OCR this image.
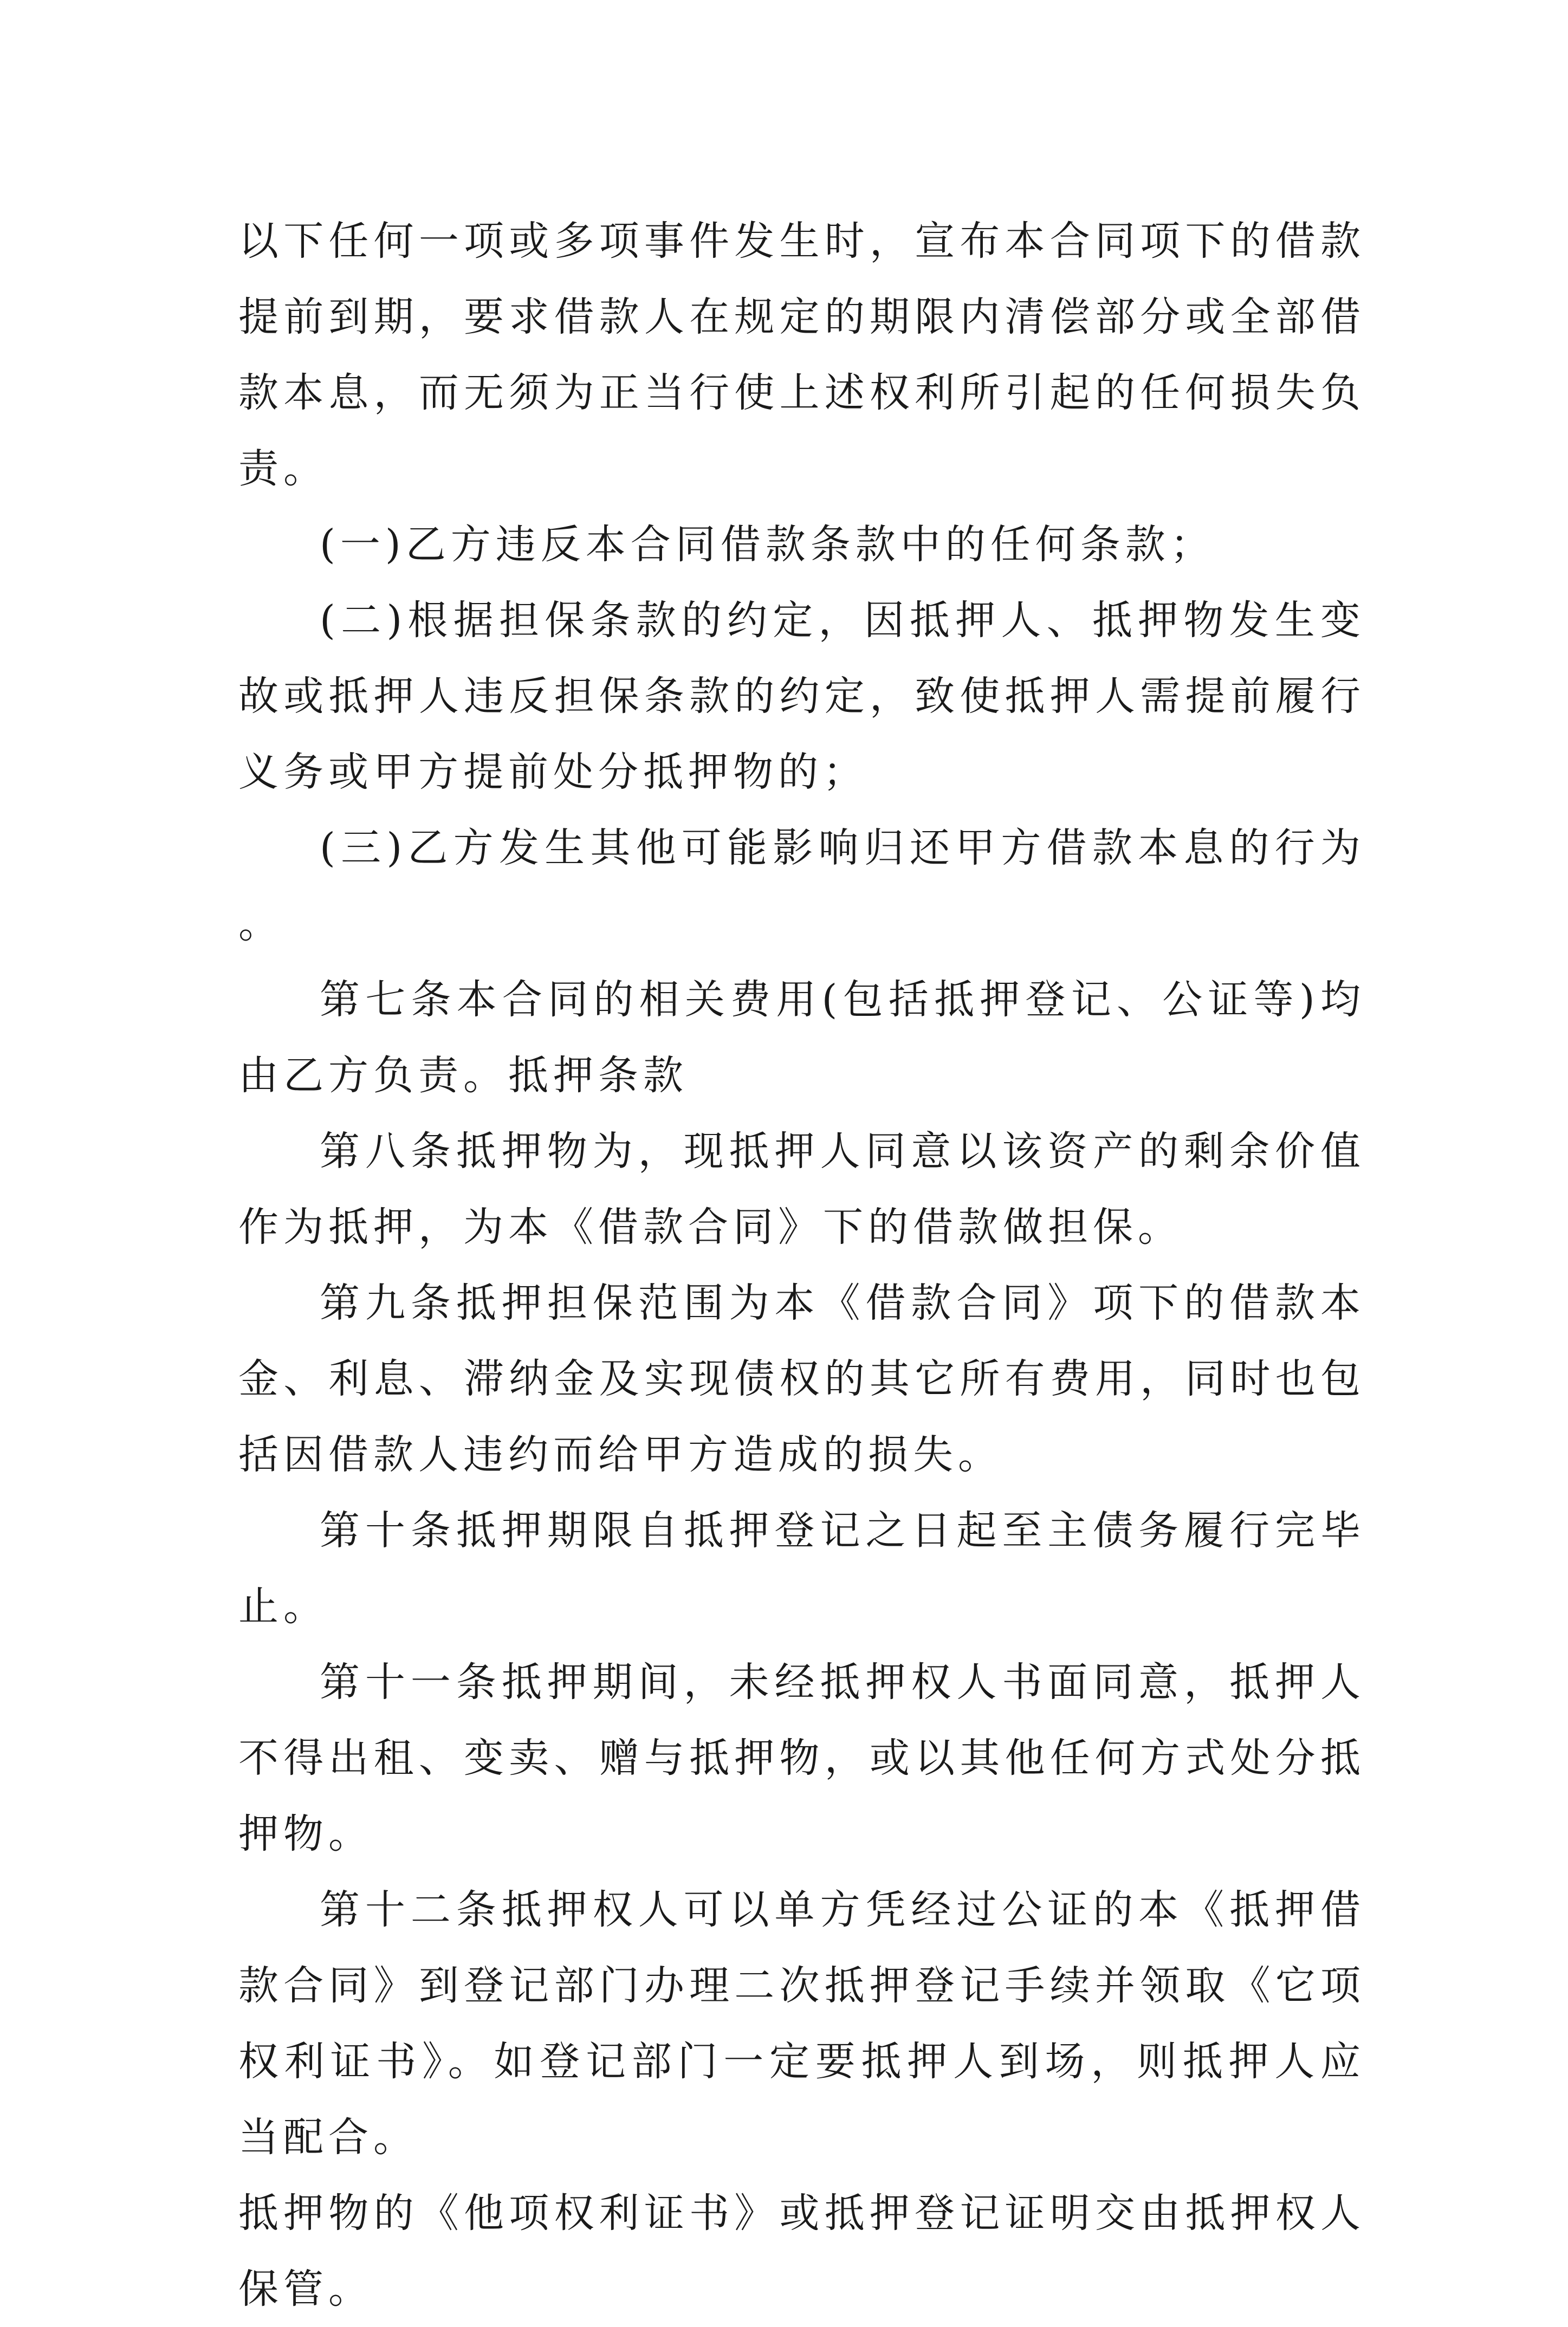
以下任何一项或多项事件发生时，宣布本合同项下的借款提前到期，要求借款人在规定的期限内清偿部分或全部借款本息，而无须为正当行使上述权利所引起的任何损失负责。

(一)乙方违反本合同借款条款中的任何条款；

(二)根据担保条款的约定，因抵押人、抵押物发生变故或抵押人违反担保条款的约定，致使抵押人需提前履行义务或甲方提前处分抵押物的；

(三)乙方发生其他可能影响归还甲方借款本息的行为。

第七条本合同的相关费用(包括抵押登记、公证等)均由乙方负责。抵押条款

第八条抵押物为，现抵押人同意以该资产的剩余价值作为抵押，为本《借款合同》下的借款做担保。

第九条抵押担保范围为本《借款合同》项下的借款本金、利息、滞纳金及实现债权的其它所有费用，同时也包括因借款人违约而给甲方造成的损失。

第十条抵押期限自抵押登记之日起至主债务履行完毕止。

第十一条抵押期间，未经抵押权人书面同意，抵押人不得出租、变卖、赠与抵押物，或以其他任何方式处分抵押物。

第十二条抵押权人可以单方凭经过公证的本《抵押借款合同》到登记部门办理二次抵押登记手续并领取《它项权利证书》。如登记部门一定要抵押人到场，则抵押人应当配合。

抵押物的《他项权利证书》或抵押登记证明交由抵押权人保管。
